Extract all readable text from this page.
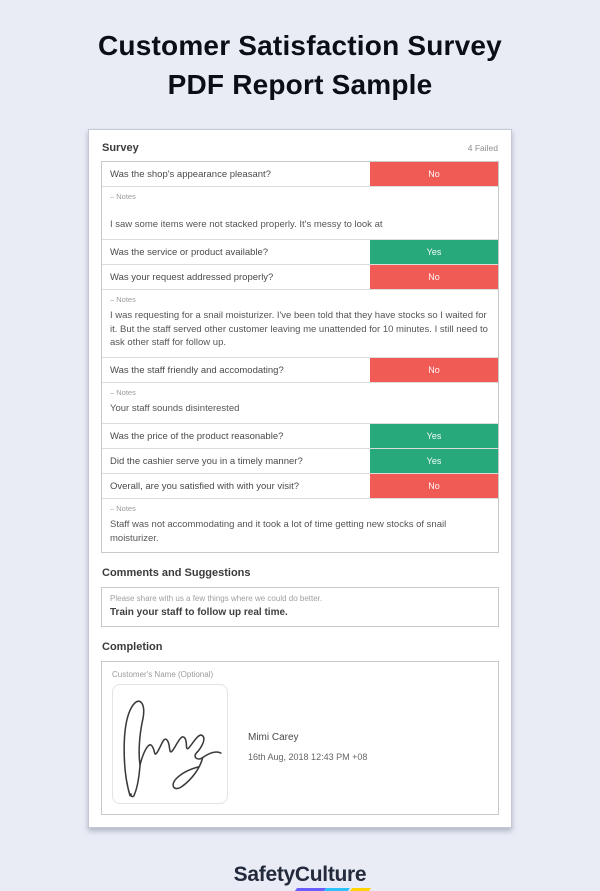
Customer Satisfaction Survey
PDF Report Sample
Survey	4 Failed
Was the shop's appearance pleasant?	No
– Notes
I saw some items were not stacked properly. It's messy to look at
Was the service or product available?	Yes
Was your request addressed properly?	No
– Notes
I was requesting for a snail moisturizer. I've been told that they have stocks so I waited for it. But the staff served other customer leaving me unattended for 10 minutes. I still need to ask other staff for follow up.
Was the staff friendly and accomodating?	No
– Notes
Your staff sounds disinterested
Was the price of the product reasonable?	Yes
Did the cashier serve you in a timely manner?	Yes
Overall, are you satisfied with with your visit?	No
– Notes
Staff was not accommodating and it took a lot of time getting new stocks of snail moisturizer.
Comments and Suggestions
Please share with us a few things where we could do better.
Train your staff to follow up real time.
Completion
Customer's Name (Optional)
Mimi Carey
16th Aug, 2018 12:43 PM +08
SafetyCulture
